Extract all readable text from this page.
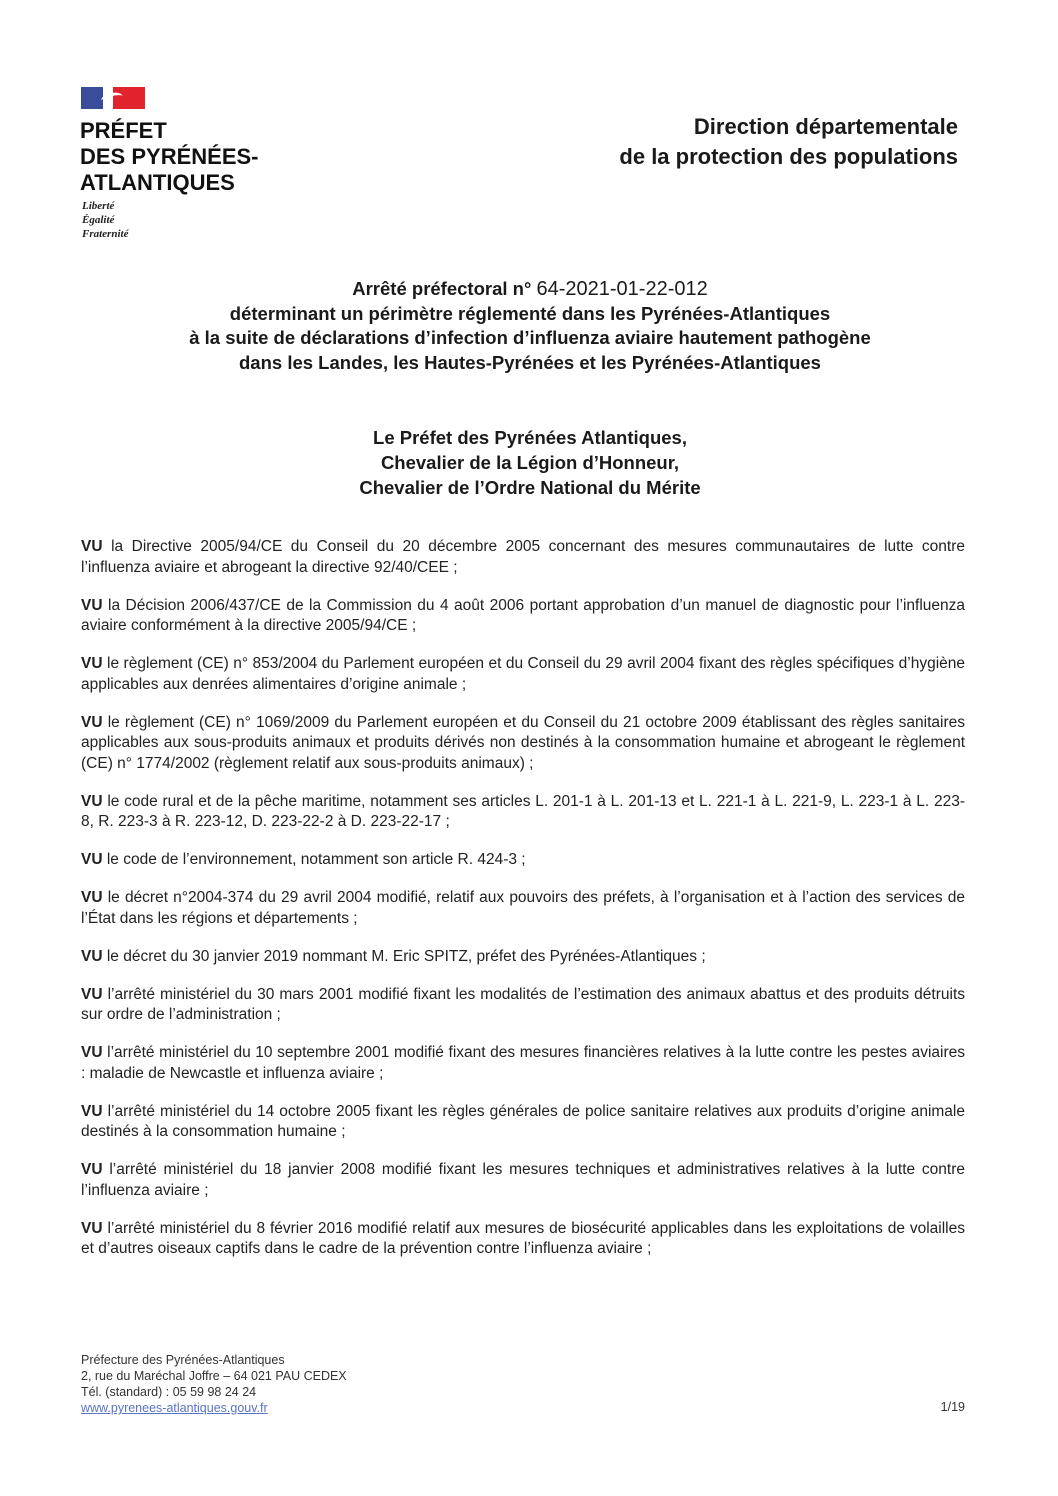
PRÉFET
DES PYRÉNÉES-
ATLANTIQUES
Liberté
Égalité
Fraternité
Direction départementale
de la protection des populations
Arrêté préfectoral n° 64-2021-01-22-012
déterminant un périmètre réglementé dans les Pyrénées-Atlantiques
à la suite de déclarations d’infection d’influenza aviaire hautement pathogène
dans les Landes, les Hautes-Pyrénées et les Pyrénées-Atlantiques
Le Préfet des Pyrénées Atlantiques,
Chevalier de la Légion d’Honneur,
Chevalier de l’Ordre National du Mérite

VU la Directive 2005/94/CE du Conseil du 20 décembre 2005 concernant des mesures communautaires de lutte contre l’influenza aviaire et abrogeant la directive 92/40/CEE ;

VU la Décision 2006/437/CE de la Commission du 4 août 2006 portant approbation d’un manuel de diagnostic pour l’influenza aviaire conformément à la directive 2005/94/CE ;

VU le règlement (CE) n° 853/2004 du Parlement européen et du Conseil du 29 avril 2004 fixant des règles spécifiques d’hygiène applicables aux denrées alimentaires d’origine animale ;

VU le règlement (CE) n° 1069/2009 du Parlement européen et du Conseil du 21 octobre 2009 établissant des règles sanitaires applicables aux sous-produits animaux et produits dérivés non destinés à la consommation humaine et abrogeant le règlement (CE) n° 1774/2002 (règlement relatif aux sous-produits animaux) ;

VU le code rural et de la pêche maritime, notamment ses articles L. 201-1 à L. 201-13 et L. 221-1 à L. 221-9, L. 223-1 à L. 223-8, R. 223-3 à R. 223-12, D. 223-22-2 à D. 223-22-17 ;

VU le code de l’environnement, notamment son article R. 424-3 ;

VU le décret n°2004-374 du 29 avril 2004 modifié, relatif aux pouvoirs des préfets, à l’organisation et à l’action des services de l’État dans les régions et départements ;

VU le décret du 30 janvier 2019 nommant M. Eric SPITZ, préfet des Pyrénées-Atlantiques ;

VU l’arrêté ministériel du 30 mars 2001 modifié fixant les modalités de l’estimation des animaux abattus et des produits détruits sur ordre de l’administration ;

VU l’arrêté ministériel du 10 septembre 2001 modifié fixant des mesures financières relatives à la lutte contre les pestes aviaires : maladie de Newcastle et influenza aviaire ;

VU l’arrêté ministériel du 14 octobre 2005 fixant les règles générales de police sanitaire relatives aux produits d’origine animale destinés à la consommation humaine ;

VU l’arrêté ministériel du 18 janvier 2008 modifié fixant les mesures techniques et administratives relatives à la lutte contre l’influenza aviaire ;

VU l’arrêté ministériel du 8 février 2016 modifié relatif aux mesures de biosécurité applicables dans les exploitations de volailles et d’autres oiseaux captifs dans le cadre de la prévention contre l’influenza aviaire ;

Préfecture des Pyrénées-Atlantiques
2, rue du Maréchal Joffre – 64 021 PAU CEDEX
Tél. (standard) : 05 59 98 24 24
www.pyrenees-atlantiques.gouv.fr	1/19
